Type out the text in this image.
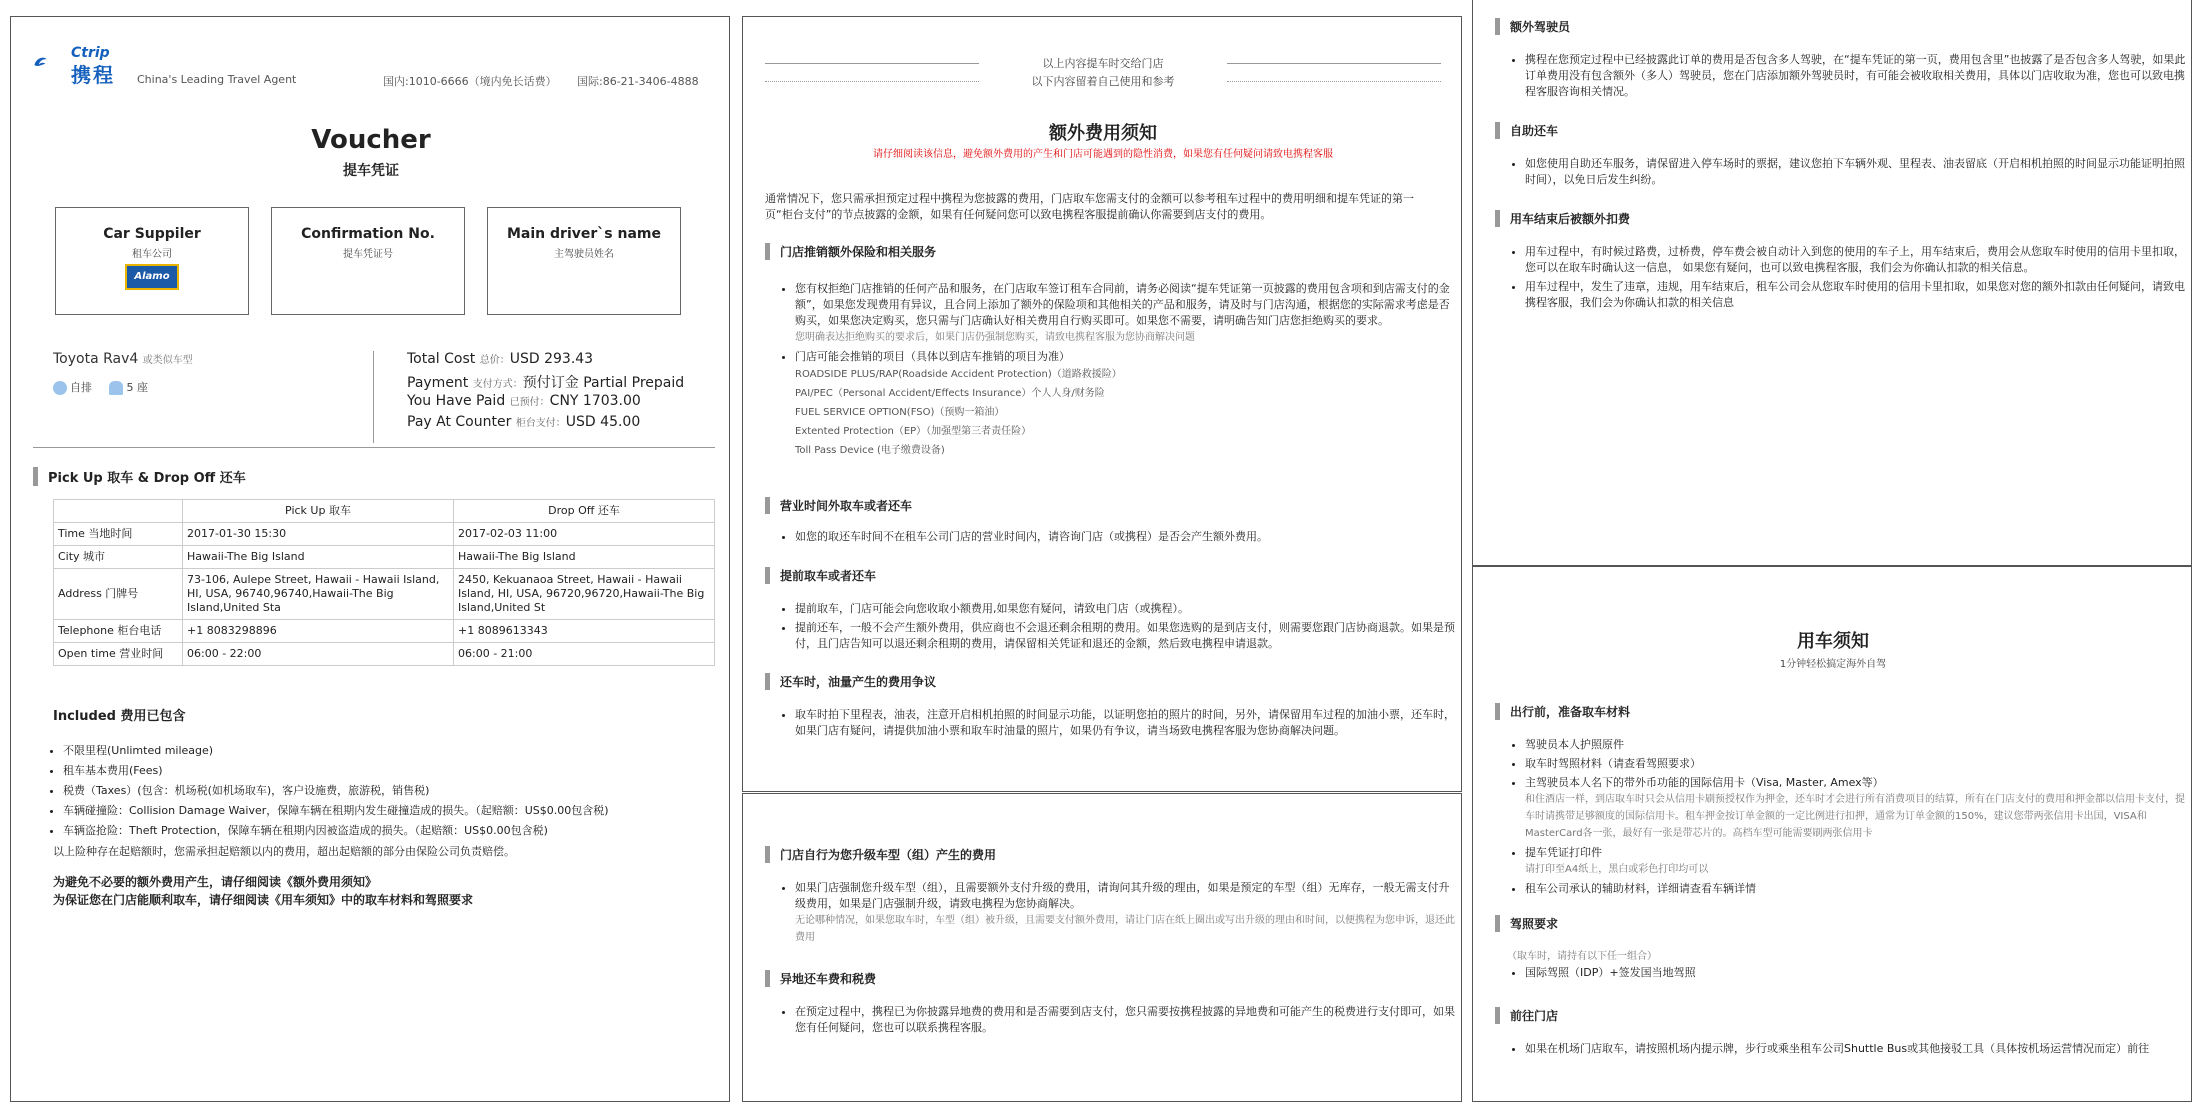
Ctrip
携程 China's Leading Travel Agent	国内:1010-6666（境内免长话费） 国际:86-21-3406-4888
Voucher
提车凭证
Car Suppiler
租车公司
Alamo
Confirmation No.
提车凭证号
Main driver`s name
主驾驶员姓名
Toyota Rav4 或类似车型
自排	5 座
Total Cost 总价：USD 293.43
Payment 支付方式：预付订金 Partial Prepaid
You Have Paid 已预付：CNY 1703.00
Pay At Counter 柜台支付：USD 45.00
Pick Up 取车 & Drop Off 还车
	Pick Up 取车	Drop Off 还车
Time 当地时间	2017-01-30 15:30	2017-02-03 11:00
City 城市	Hawaii-The Big Island	Hawaii-The Big Island
Address 门牌号	73-106, Aulepe Street, Hawaii - Hawaii Island, HI, USA, 96740,96740,Hawaii-The Big Island,United Sta	2450, Kekuanaoa Street, Hawaii - Hawaii Island, HI, USA, 96720,96720,Hawaii-The Big Island,United St
Telephone 柜台电话	+1 8083298896	+1 8089613343
Open time 营业时间	06:00 - 22:00	06:00 - 21:00
Included 费用已包含
• 不限里程(Unlimted mileage)
• 租车基本费用(Fees)
• 税费（Taxes）(包含：机场税(如机场取车)，客户设施费，旅游税，销售税)
• 车辆碰撞险：Collision Damage Waiver，保障车辆在租期内发生碰撞造成的损失。（起赔额：US$0.00包含税)
• 车辆盗抢险：Theft Protection，保障车辆在租期内因被盗造成的损失。（起赔额：US$0.00包含税)
以上险种存在起赔额时，您需承担起赔额以内的费用，超出起赔额的部分由保险公司负责赔偿。
为避免不必要的额外费用产生，请仔细阅读《额外费用须知》
为保证您在门店能顺利取车，请仔细阅读《用车须知》中的取车材料和驾照要求
以上内容提车时交给门店
以下内容留着自己使用和参考
额外费用须知
请仔细阅读该信息，避免额外费用的产生和门店可能遇到的隐性消费，如果您有任何疑问请致电携程客服
通常情况下，您只需承担预定过程中携程为您披露的费用，门店取车您需支付的金额可以参考租车过程中的费用明细和提车凭证的第一页“柜台支付”的节点披露的金额，如果有任何疑问您可以致电携程客服提前确认你需要到店支付的费用。
门店推销额外保险和相关服务
• 您有权拒绝门店推销的任何产品和服务，在门店取车签订租车合同前，请务必阅读“提车凭证第一页披露的费用包含项和到店需支付的金额”，如果您发现费用有异议，且合同上添加了额外的保险项和其他相关的产品和服务，请及时与门店沟通，根据您的实际需求考虑是否购买，如果您决定购买，您只需与门店确认好相关费用自行购买即可。如果您不需要，请明确告知门店您拒绝购买的要求。
您明确表达拒绝购买的要求后，如果门店仍强制您购买，请致电携程客服为您协商解决问题
• 门店可能会推销的项目（具体以到店车推销的项目为准）
ROADSIDE PLUS/RAP(Roadside Accident Protection)（道路救援险）
PAI/PEC（Personal Accident/Effects Insurance）个人人身/财务险
FUEL SERVICE OPTION(FSO)（预购一箱油）
Extented Protection（EP）（加强型第三者责任险）
Toll Pass Device (电子缴费设备)
营业时间外取车或者还车
• 如您的取还车时间不在租车公司门店的营业时间内，请咨询门店（或携程）是否会产生额外费用。
提前取车或者还车
• 提前取车，门店可能会向您收取小额费用,如果您有疑问，请致电门店（或携程）。
• 提前还车，一般不会产生额外费用，供应商也不会退还剩余租期的费用。如果您选购的是到店支付，则需要您跟门店协商退款。如果是预付，且门店告知可以退还剩余租期的费用，请保留相关凭证和退还的金额，然后致电携程申请退款。
还车时，油量产生的费用争议
• 取车时拍下里程表，油表，注意开启相机拍照的时间显示功能，以证明您拍的照片的时间，另外，请保留用车过程的加油小票，还车时，如果门店有疑问，请提供加油小票和取车时油量的照片，如果仍有争议，请当场致电携程客服为您协商解决问题。
门店自行为您升级车型（组）产生的费用
• 如果门店强制您升级车型（组），且需要额外支付升级的费用，请询问其升级的理由，如果是预定的车型（组）无库存，一般无需支付升级费用，如果是门店强制升级，请致电携程为您协商解决。
无论哪种情况，如果您取车时，车型（组）被升级，且需要支付额外费用，请让门店在纸上圈出或写出升级的理由和时间，以便携程为您申诉，退还此费用
异地还车费和税费
• 在预定过程中，携程已为你披露异地费的费用和是否需要到店支付，您只需要按携程披露的异地费和可能产生的税费进行支付即可，如果您有任何疑问，您也可以联系携程客服。
额外驾驶员
• 携程在您预定过程中已经披露此订单的费用是否包含多人驾驶，在“提车凭证的第一页，费用包含里”也披露了是否包含多人驾驶，如果此订单费用没有包含额外（多人）驾驶员，您在门店添加额外驾驶员时，有可能会被收取相关费用，具体以门店收取为准，您也可以致电携程客服咨询相关情况。
自助还车
• 如您使用自助还车服务，请保留进入停车场时的票据，建议您拍下车辆外观、里程表、油表留底（开启相机拍照的时间显示功能证明拍照时间），以免日后发生纠纷。
用车结束后被额外扣费
• 用车过程中，有时候过路费，过桥费，停车费会被自动计入到您的使用的车子上，用车结束后，费用会从您取车时使用的信用卡里扣取，您可以在取车时确认这一信息， 如果您有疑问，也可以致电携程客服，我们会为你确认扣款的相关信息。
• 用车过程中，发生了违章，违规，用车结束后，租车公司会从您取车时使用的信用卡里扣取，如果您对您的额外扣款由任何疑问，请致电携程客服，我们会为你确认扣款的相关信息
用车须知
1分钟轻松搞定海外自驾
出行前，准备取车材料
• 驾驶员本人护照原件
• 取车时驾照材料（请查看驾照要求）
• 主驾驶员本人名下的带外币功能的国际信用卡（Visa, Master, Amex等）
和住酒店一样，到店取车时只会从信用卡刷预授权作为押金，还车时才会进行所有消费项目的结算，所有在门店支付的费用和押金都以信用卡支付，提车时请携带足够额度的国际信用卡。租车押金按订单金额的一定比例进行扣押，通常为订单金额的150%，建议您带两张信用卡出国，VISA和MasterCard各一张，最好有一张是带芯片的。高档车型可能需要刷两张信用卡
• 提车凭证打印件
请打印至A4纸上，黑白或彩色打印均可以
• 租车公司承认的辅助材料，详细请查看车辆详情
驾照要求
（取车时，请持有以下任一组合）
• 国际驾照（IDP）+签发国当地驾照
前往门店
• 如果在机场门店取车，请按照机场内提示牌，步行或乘坐租车公司Shuttle Bus或其他接驳工具（具体按机场运营情况而定）前往
